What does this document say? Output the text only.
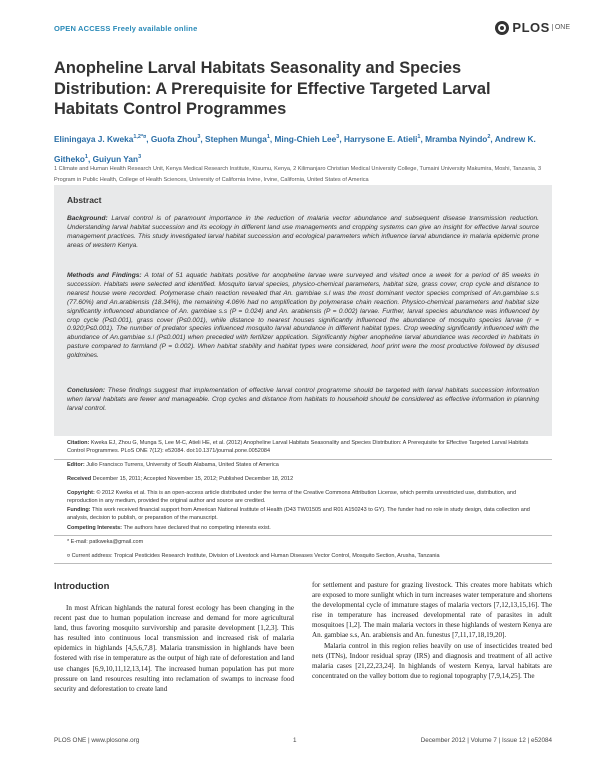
OPEN ACCESS Freely available online	PLOS ONE
Anopheline Larval Habitats Seasonality and Species Distribution: A Prerequisite for Effective Targeted Larval Habitats Control Programmes
Eliningaya J. Kweka$^{1,2*¤}$, Guofa Zhou$^3$, Stephen Munga$^1$, Ming-Chieh Lee$^3$, Harrysone E. Atieli$^1$, Mramba Nyindo$^2$, Andrew K. Githeko$^1$, Guiyun Yan$^3$
1 Climate and Human Health Research Unit, Kenya Medical Research Institute, Kisumu, Kenya, 2 Kilimanjaro Christian Medical University College, Tumaini University Makumira, Moshi, Tanzania, 3 Program in Public Health, College of Health Sciences, University of California Irvine, Irvine, California, United States of America
Abstract
Background: Larval control is of paramount importance in the reduction of malaria vector abundance and subsequent disease transmission reduction. Understanding larval habitat succession and its ecology in different land use managements and cropping systems can give an insight for effective larval source management practices. This study investigated larval habitat succession and ecological parameters which influence larval abundance in malaria epidemic prone areas of western Kenya.
Methods and Findings: A total of 51 aquatic habitats positive for anopheline larvae were surveyed and visited once a week for a period of 85 weeks in succession. Habitats were selected and identified. Mosquito larval species, physico-chemical parameters, habitat size, grass cover, crop cycle and distance to nearest house were recorded. Polymerase chain reaction revealed that An. gambiae s.l was the most dominant vector species comprised of An.gambiae s.s (77.60%) and An.arabiensis (18.34%), the remaining 4.06% had no amplification by polymerase chain reaction. Physico-chemical parameters and habitat size significantly influenced abundance of An. gambiae s.s (P = 0.024) and An. arabiensis (P = 0.002) larvae. Further, larval species abundance was influenced by crop cycle (P≤0.001), grass cover (P≤0.001), while distance to nearest houses significantly influenced the abundance of mosquito species larvae (r = 0.920;P≤0.001). The number of predator species influenced mosquito larval abundance in different habitat types. Crop weeding significantly influenced with the abundance of An.gambiae s.l (P≤0.001) when preceded with fertilizer application. Significantly higher anopheline larval abundance was recorded in habitats in pasture compared to farmland (P = 0.002). When habitat stability and habitat types were considered, hoof print were the most productive followed by disused goldmines.
Conclusion: These findings suggest that implementation of effective larval control programme should be targeted with larval habitats succession information when larval habitats are fewer and manageable. Crop cycles and distance from habitats to household should be considered as effective information in planning larval control.
Citation: Kweka EJ, Zhou G, Munga S, Lee M-C, Atieli HE, et al. (2012) Anopheline Larval Habitats Seasonality and Species Distribution: A Prerequisite for Effective Targeted Larval Habitats Control Programmes. PLoS ONE 7(12): e52084. doi:10.1371/journal.pone.0052084
Editor: Julio Francisco Turrens, University of South Alabama, United States of America
Received December 15, 2011; Accepted November 15, 2012; Published December 18, 2012
Copyright: © 2012 Kweka et al. This is an open-access article distributed under the terms of the Creative Commons Attribution License, which permits unrestricted use, distribution, and reproduction in any medium, provided the original author and source are credited.
Funding: This work received financial support from American National Institute of Health (D43 TW01505 and R01 A150243 to GY). The funder had no role in study design, data collection and analysis, decision to publish, or preparation of the manuscript.
Competing Interests: The authors have declared that no competing interests exist.
* E-mail: patkweka@gmail.com
¤ Current address: Tropical Pesticides Research Institute, Division of Livestock and Human Diseases Vector Control, Mosquito Section, Arusha, Tanzania
Introduction
In most African highlands the natural forest ecology has been changing in the recent past due to human population increase and demand for more agricultural land, thus favoring mosquito survivorship and parasite development [1,2,3]. This has resulted into continuous local transmission and increased risk of malaria epidemics in highlands [4,5,6,7,8]. Malaria transmission in highlands have been fostered with rise in temperature as the output of high rate of deforestation and land use changes [6,9,10,11,12,13,14]. The increased human population has put more pressure on land resources resulting into reclamation of swamps to increase food security and deforestation to create land
for settlement and pasture for grazing livestock. This creates more habitats which are exposed to more sunlight which in turn increases water temperature and shortens the developmental cycle of immature stages of malaria vectors [7,12,13,15,16]. The rise in temperature has increased developmental rate of parasites in adult mosquitoes [1,2]. The main malaria vectors in these highlands of western Kenya are An. gambiae s.s, An. arabiensis and An. funestus [7,11,17,18,19,20].
Malaria control in this region relies heavily on use of insecticides treated bed nets (ITNs), Indoor residual spray (IRS) and diagnosis and treatment of all active malaria cases [21,22,23,24]. In highlands of western Kenya, larval habitats are concentrated on the valley bottom due to regional topography [7,9,14,25]. The
PLOS ONE | www.plosone.org	1	December 2012 | Volume 7 | Issue 12 | e52084
